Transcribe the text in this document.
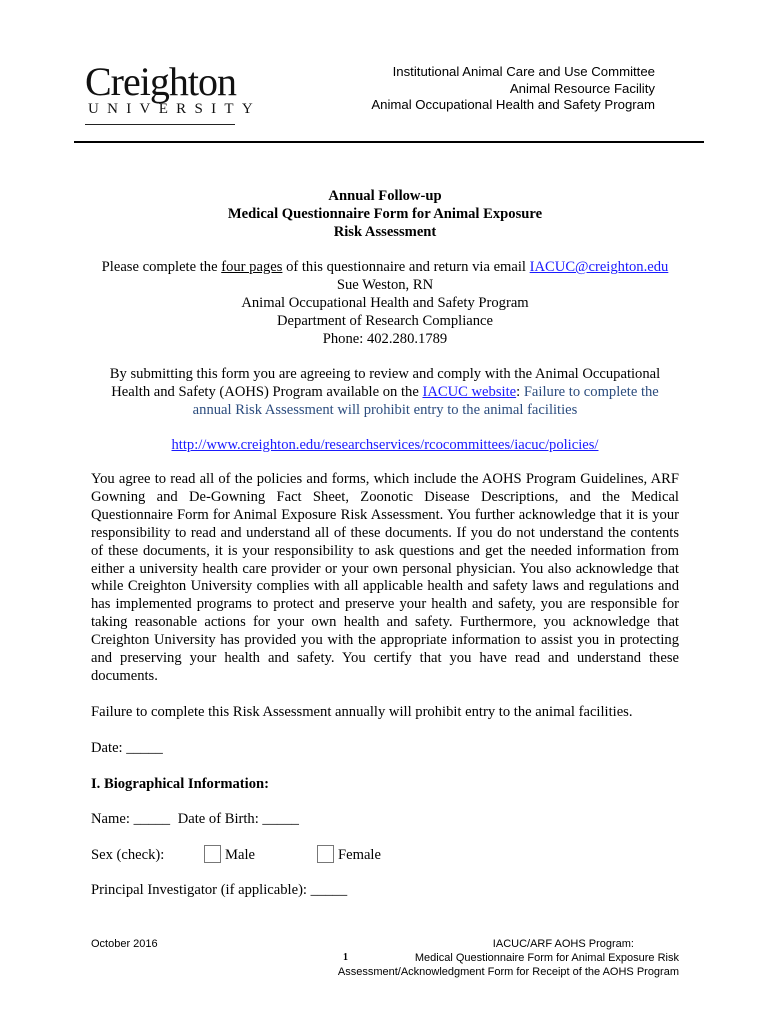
Creighton
UNIVERSITY
Institutional Animal Care and Use Committee
Animal Resource Facility
Animal Occupational Health and Safety Program
Annual Follow-up
Medical Questionnaire Form for Animal Exposure
Risk Assessment
Please complete the four pages of this questionnaire and return via email IACUC@creighton.edu
Sue Weston, RN
Animal Occupational Health and Safety Program
Department of Research Compliance
Phone: 402.280.1789
By submitting this form you are agreeing to review and comply with the Animal Occupational
Health and Safety (AOHS) Program available on the IACUC website: Failure to complete the
annual Risk Assessment will prohibit entry to the animal facilities
http://www.creighton.edu/researchservices/rcocommittees/iacuc/policies/
You agree to read all of the policies and forms, which include the AOHS Program Guidelines, ARF Gowning and De-Gowning Fact Sheet, Zoonotic Disease Descriptions, and the Medical Questionnaire Form for Animal Exposure Risk Assessment. You further acknowledge that it is your responsibility to read and understand all of these documents. If you do not understand the contents of these documents, it is your responsibility to ask questions and get the needed information from either a university health care provider or your own personal physician. You also acknowledge that while Creighton University complies with all applicable health and safety laws and regulations and has implemented programs to protect and preserve your health and safety, you are responsible for taking reasonable actions for your own health and safety. Furthermore, you acknowledge that Creighton University has provided you with the appropriate information to assist you in protecting and preserving your health and safety. You certify that you have read and understand these documents.
Failure to complete this Risk Assessment annually will prohibit entry to the animal facilities.
Date: _____
I. Biographical Information:
Name: _____ Date of Birth: _____
Sex (check):	Male	Female
Principal Investigator (if applicable): _____
October 2016
1
IACUC/ARF AOHS Program:
Medical Questionnaire Form for Animal Exposure Risk
Assessment/Acknowledgment Form for Receipt of the AOHS Program
